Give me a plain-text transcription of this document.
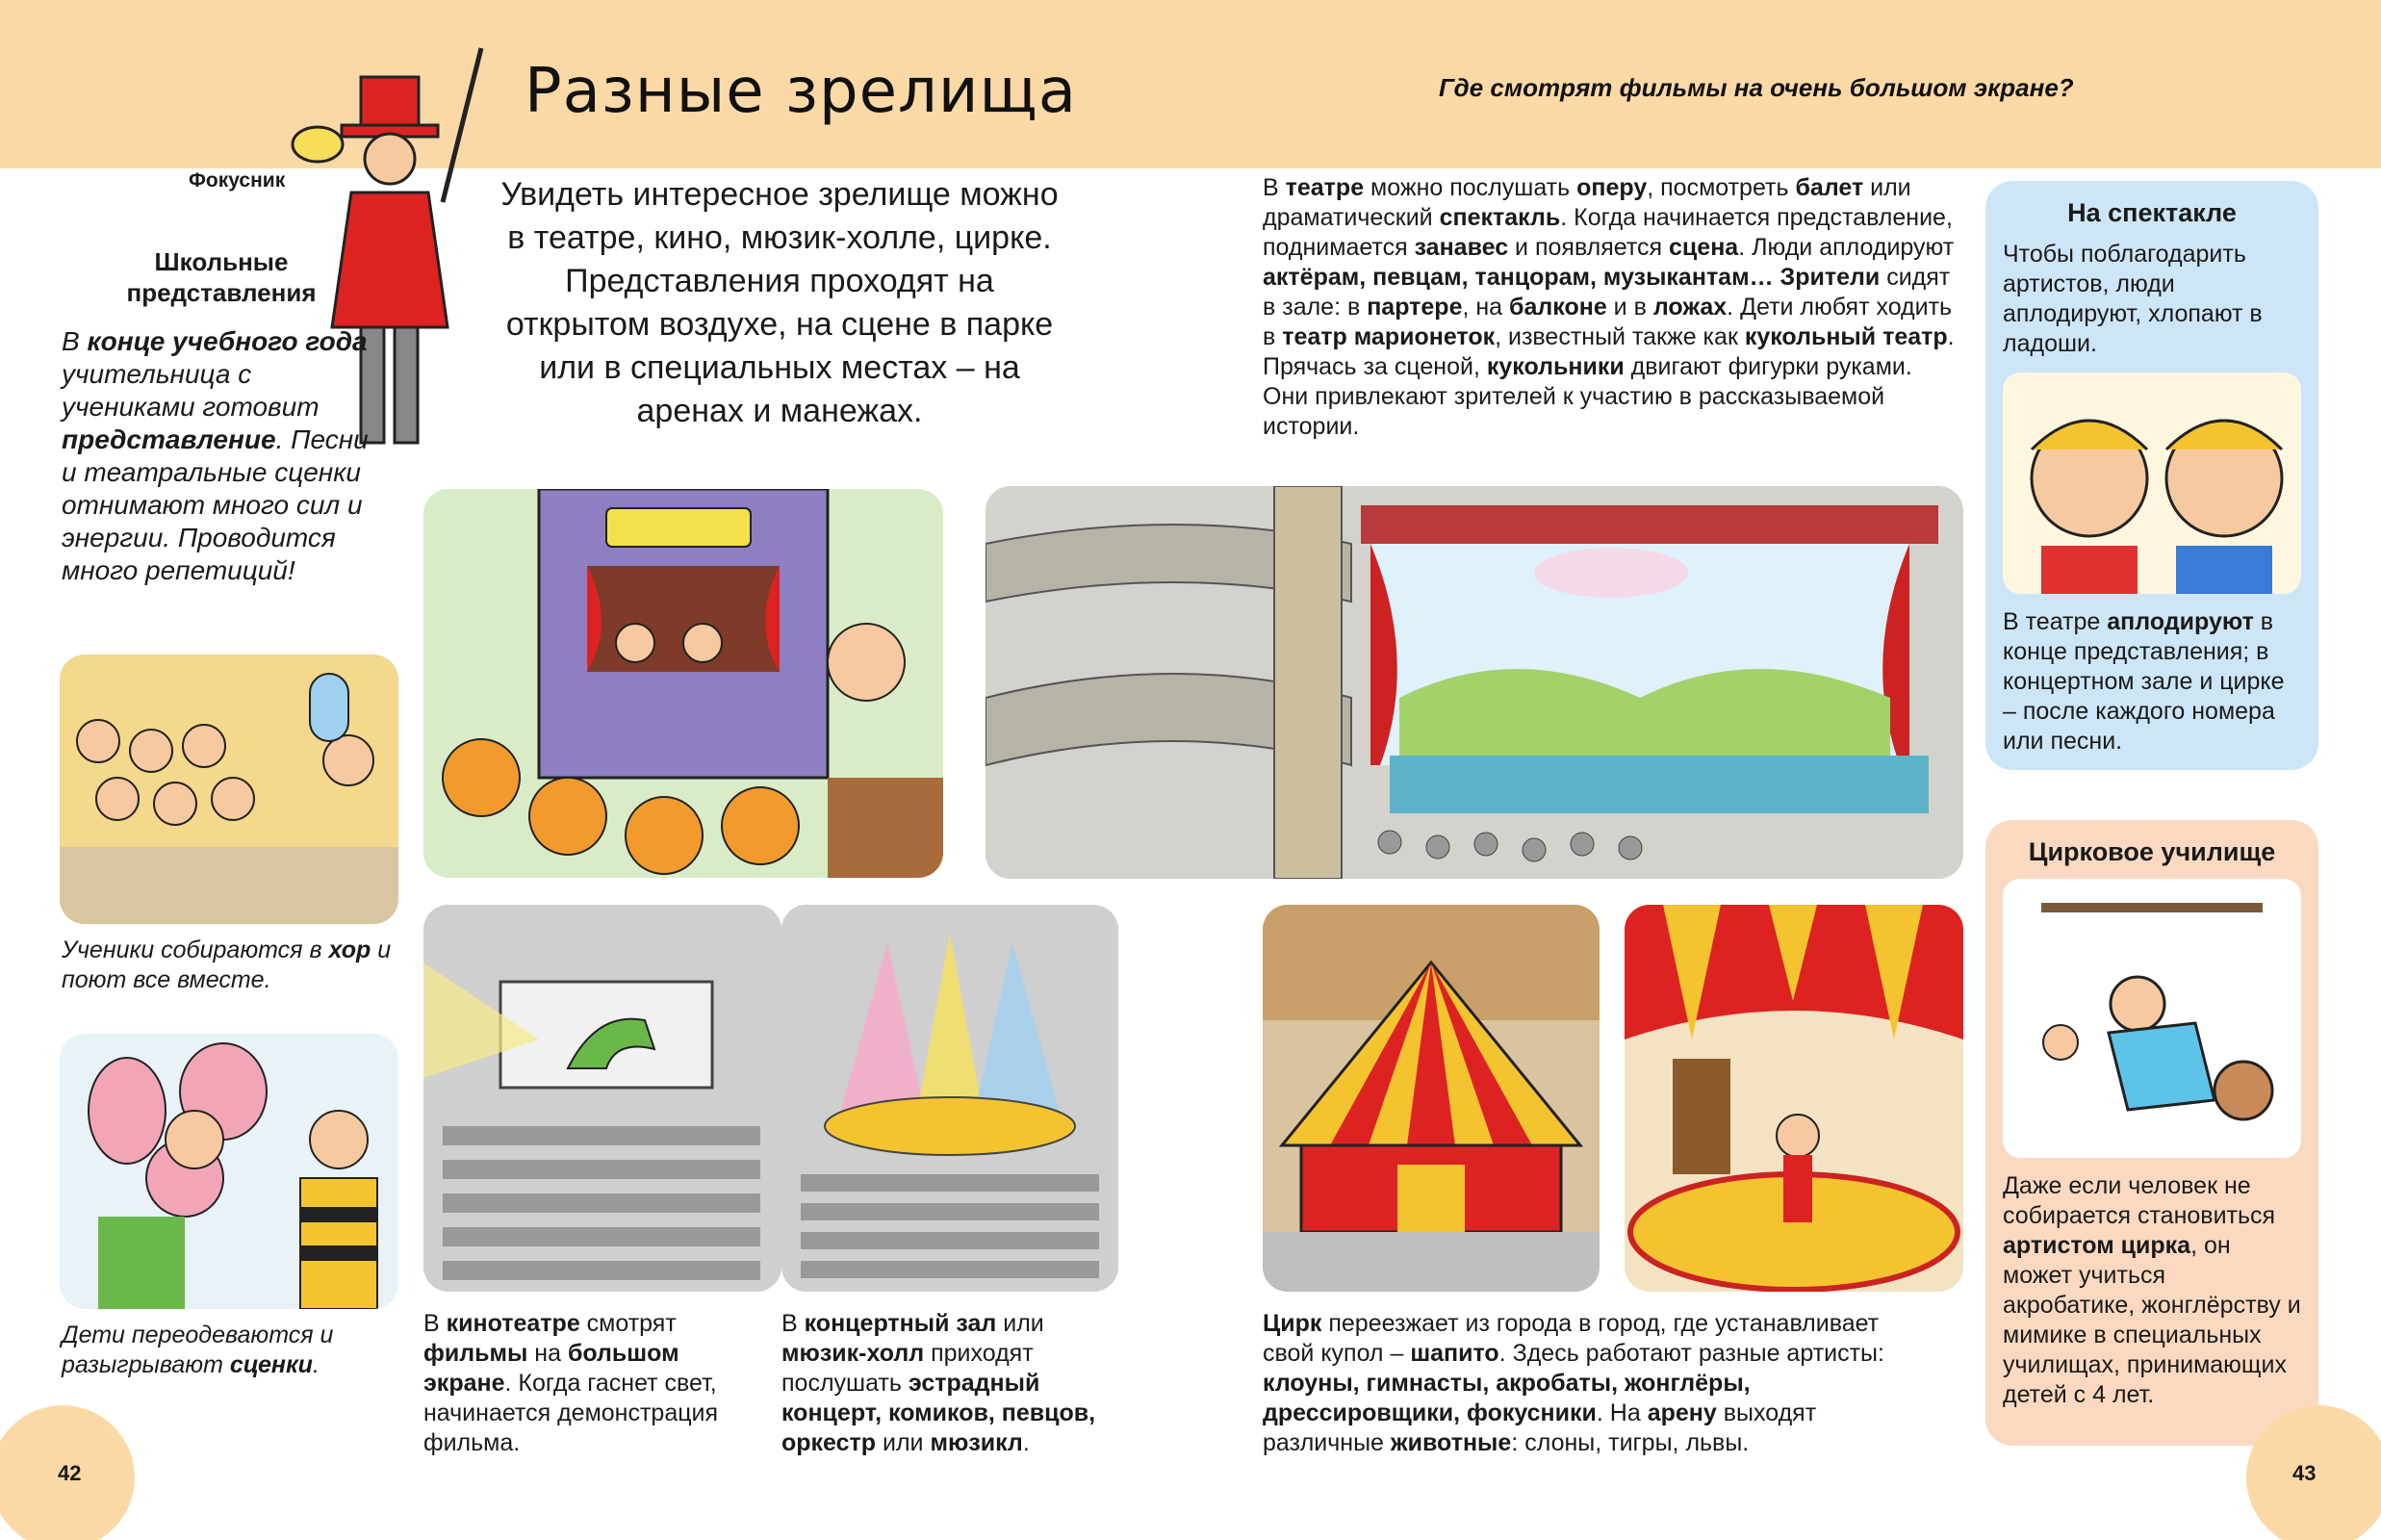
Разные зрелища	Где смотрят фильмы на очень большом экране?
Фокусник
Школьные представления
В конце учебного года учительница с учениками готовит представление. Песни и театральные сценки отнимают много сил и энергии. Проводится много репетиций!
Увидеть интересное зрелище можно в театре, кино, мюзик-холле, цирке. Представления проходят на открытом воздухе, на сцене в парке или в специальных местах – на аренах и манежах.
В театре можно послушать оперу, посмотреть балет или драматический спектакль. Когда начинается представление, поднимается занавес и появляется сцена. Люди аплодируют актёрам, певцам, танцорам, музыкантам… Зрители сидят в зале: в партере, на балконе и в ложах. Дети любят ходить в театр марионеток, известный также как кукольный театр. Прячась за сценой, кукольники двигают фигурки руками. Они привлекают зрителей к участию в рассказываемой истории.
На спектакле
Чтобы поблагодарить артистов, люди аплодируют, хлопают в ладоши.
В театре аплодируют в конце представления; в концертном зале и цирке – после каждого номера или песни.
Цирковое училище
Даже если человек не собирается становиться артистом цирка, он может учиться акробатике, жонглёрству и мимике в специальных училищах, принимающих детей с 4 лет.
Ученики собираются в хор и поют все вместе.
Дети переодеваются и разыгрывают сценки.
В кинотеатре смотрят фильмы на большом экране. Когда гаснет свет, начинается демонстрация фильма.
В концертный зал или мюзик-холл приходят послушать эстрадный концерт, комиков, певцов, оркестр или мюзикл.
Цирк переезжает из города в город, где устанавливает свой купол – шапито. Здесь работают разные артисты: клоуны, гимнасты, акробаты, жонглёры, дрессировщики, фокусники. На арену выходят различные животные: слоны, тигры, львы.
42	43
